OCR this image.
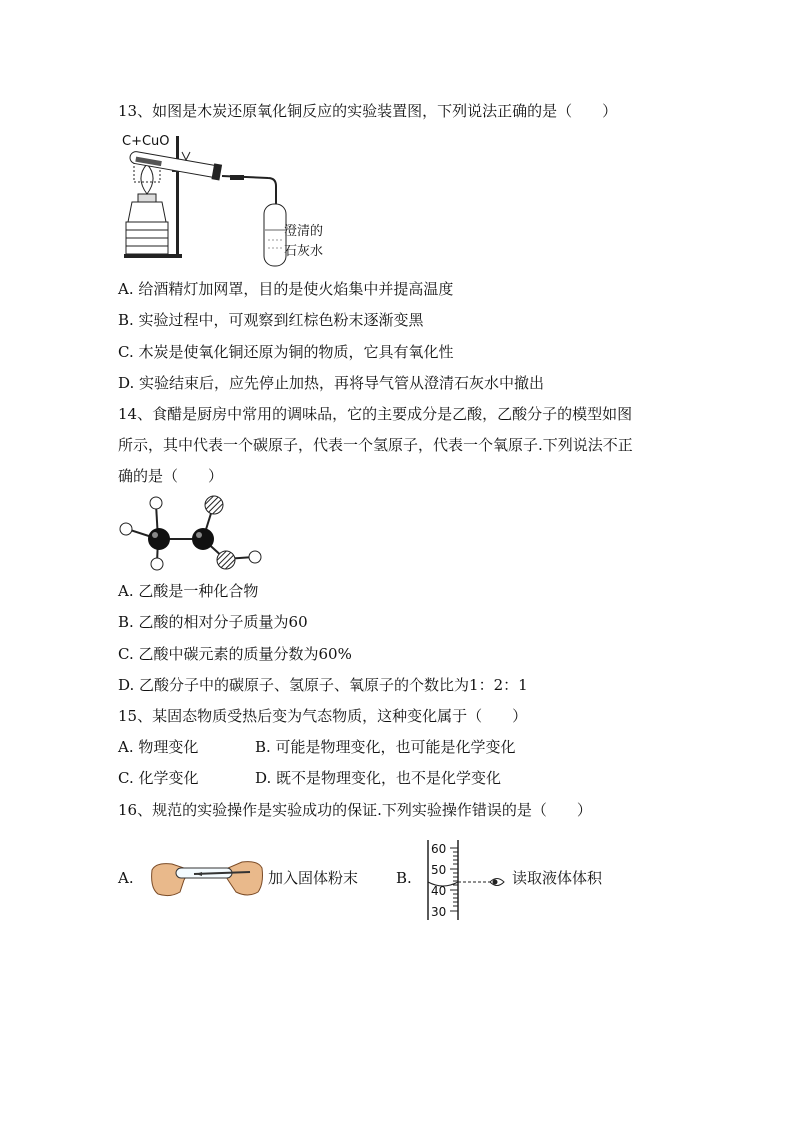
13、如图是木炭还原氧化铜反应的实验装置图，下列说法正确的是（　　）
C+CuO
澄清的
石灰水
A. 给酒精灯加网罩，目的是使火焰集中并提高温度
B. 实验过程中，可观察到红棕色粉末逐渐变黑
C. 木炭是使氧化铜还原为铜的物质，它具有氧化性
D. 实验结束后，应先停止加热，再将导气管从澄清石灰水中撤出
14、食醋是厨房中常用的调味品，它的主要成分是乙酸，乙酸分子的模型如图
所示，其中代表一个碳原子，代表一个氢原子，代表一个氧原子.下列说法不正
确的是（　　）
A. 乙酸是一种化合物
B. 乙酸的相对分子质量为60
C. 乙酸中碳元素的质量分数为60%
D. 乙酸分子中的碳原子、氢原子、氧原子的个数比为1：2：1
15、某固态物质受热后变为气态物质，这种变化属于（　　）
A. 物理变化	B. 可能是物理变化，也可能是化学变化
C. 化学变化	D. 既不是物理变化，也不是化学变化
16、规范的实验操作是实验成功的保证.下列实验操作错误的是（　　）
A.	加入固体粉末	B.
60
50
40
30
读取液体体积
